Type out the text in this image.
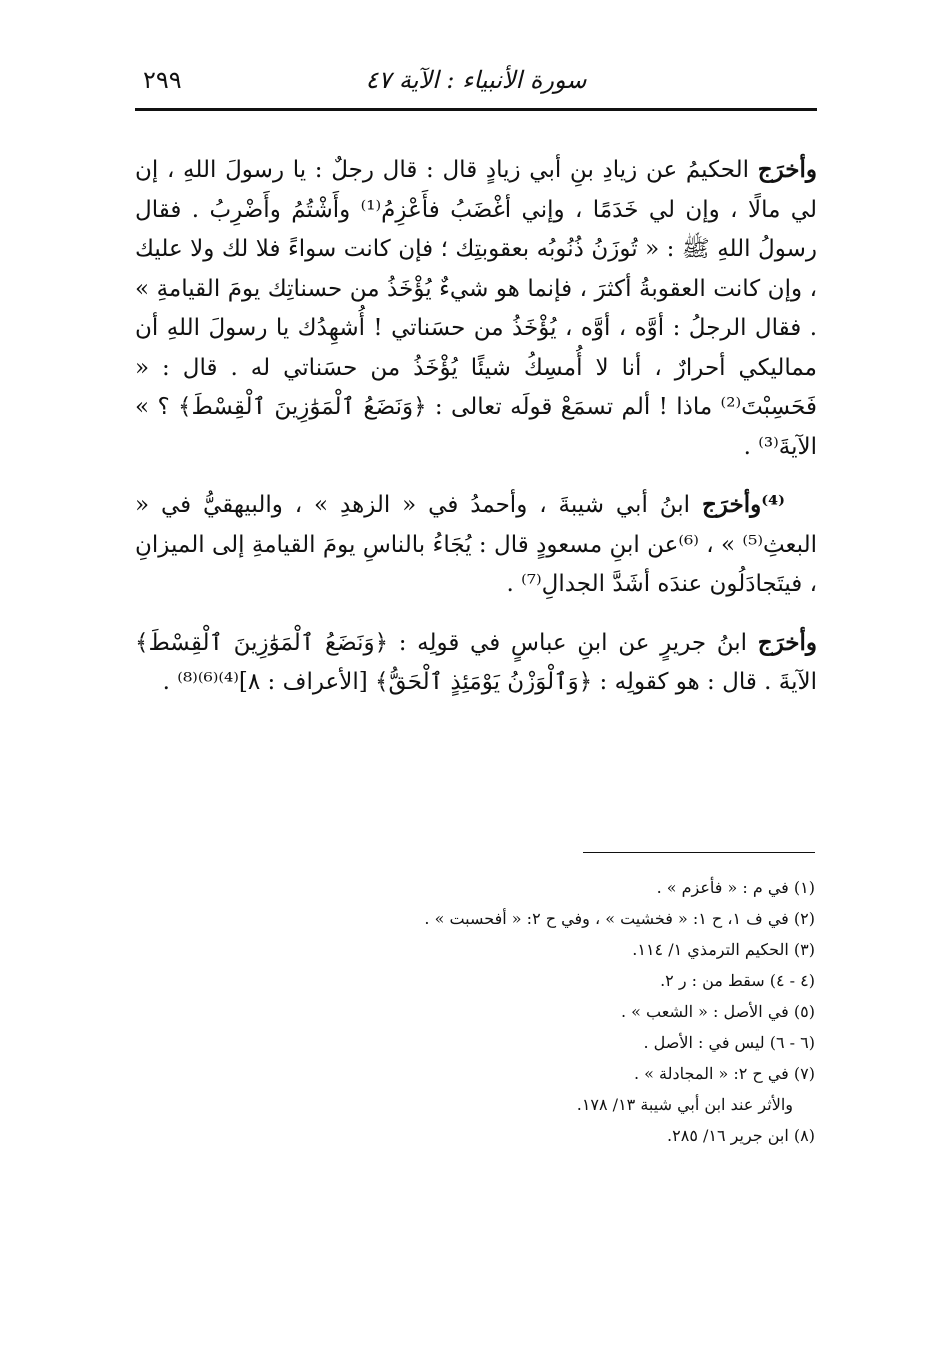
سورة الأنبياء : الآية ٤٧
٢٩٩

وأخرَج الحكيمُ عن زيادِ بنِ أبي زيادٍ قال : قال رجلٌ : يا رسولَ اللهِ ، إن لي مالًا ، وإن لي خَدَمًا ، وإني أغْضَبُ فأَعْزِمُ⁽¹⁾ وأَشْتُمُ وأَضْرِبُ . فقال رسولُ اللهِ ﷺ : « تُوزَنُ ذُنُوبُه بعقوبتِك ؛ فإن كانت سواءً فلا لك ولا عليك ، وإن كانت العقوبةُ أكثرَ ، فإنما هو شيءٌ يُؤْخَذُ من حسناتِك يومَ القيامةِ » . فقال الرجلُ : أوَّه ، أوَّه ، يُؤْخَذُ من حسَناتي ! أُشهِدُك يا رسولَ اللهِ أن مماليكي أحرارٌ ، أنا لا أُمسِكُ شيئًا يُؤْخَذُ من حسَناتي له . قال : « فَحَسِبْتَ⁽²⁾ ماذا ! ألم تسمَعْ قولَه تعالى : ﴿وَنَضَعُ ٱلْمَوَٰزِينَ ٱلْقِسْطَ﴾ ؟ » الآيةَ⁽³⁾ .

⁽⁴⁾وأخرَج ابنُ أبي شيبةَ ، وأحمدُ في « الزهدِ » ، والبيهقيُّ في « البعثِ⁽⁵⁾ » ، ⁽⁶⁾عن ابنِ مسعودٍ قال : يُجَاءُ بالناسِ يومَ القيامةِ إلى الميزانِ ، فيتَجادَلُون عندَه أشَدَّ الجدالِ⁽⁷⁾ .

وأخرَج ابنُ جريرٍ عن ابنِ عباسٍ في قولِه : ﴿وَنَضَعُ ٱلْمَوَٰزِينَ ٱلْقِسْطَ﴾ الآيةَ . قال : هو كقولِه : ﴿وَٱلْوَزْنُ يَوْمَئِذٍ ٱلْحَقُّ﴾ [الأعراف : ٨]⁽⁴⁾⁽⁶⁾⁽⁸⁾ .

(١) في م : « فأعزم » .
(٢) في ف ١، ح ١: « فخشيت » ، وفي ح ٢: « أفحسبت » .
(٣) الحكيم الترمذي ١/ ١١٤.
(٤ - ٤) سقط من : ر ٢.
(٥) في الأصل : « الشعب » .
(٦ - ٦) ليس في : الأصل .
(٧) في ح ٢: « المجادلة » .
والأثر عند ابن أبي شيبة ١٣/ ١٧٨.
(٨) ابن جرير ١٦/ ٢٨٥.
